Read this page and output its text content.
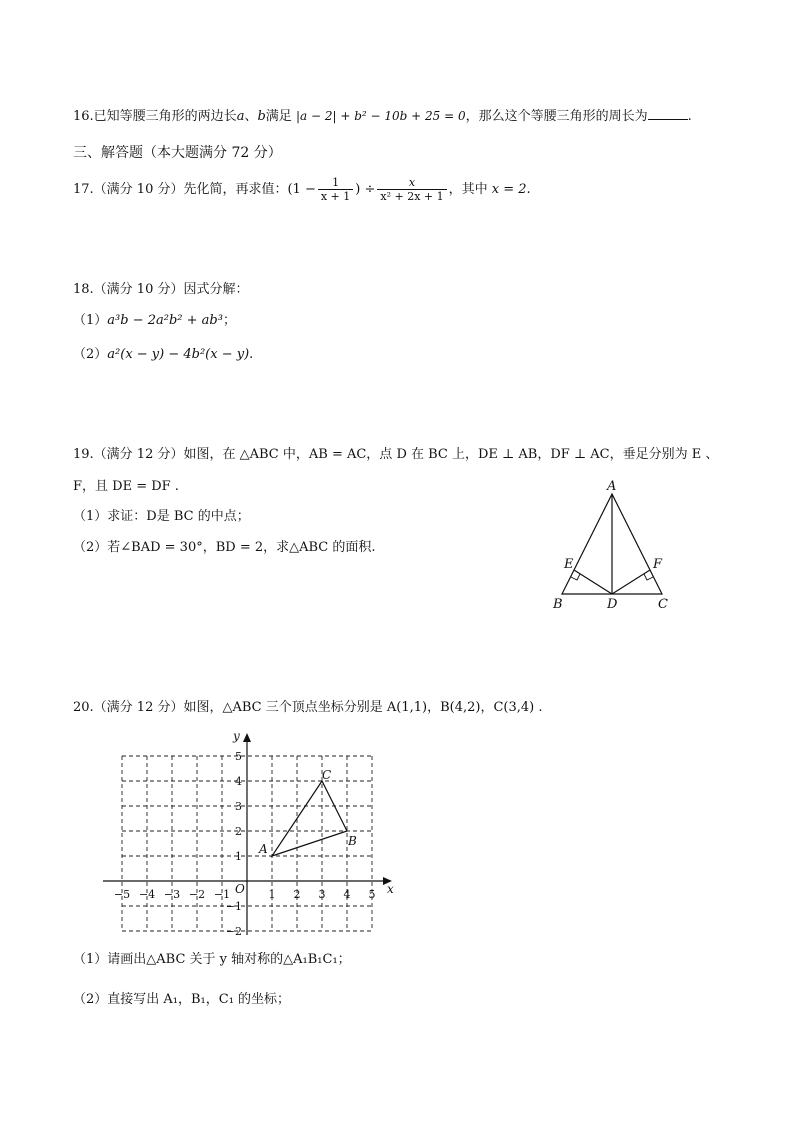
16.已知等腰三角形的两边长a、b满足 |a − 2| + b² − 10b + 25 = 0，那么这个等腰三角形的周长为	.
三、解答题（本大题满分 72 分）
17.（满分 10 分）先化简，再求值：($1 - \frac{1}{x + 1}$ ) ÷ $\frac{x}{\text{x² + 2x + 1}}$ ，其中 x = 2.
18.（满分 10 分）因式分解：
（1）a³b − 2a²b² + ab³；
（2）a²(x − y) − 4b²(x − y).
19.（满分 12 分）如图，在 △ABC 中，AB = AC，点 D 在 BC 上，DE ⊥ AB，DF ⊥ AC，垂足分别为 E 、
F，且 DE = DF .
（1）求证：D是 BC 的中点；
（2）若∠BAD = 30°，BD = 2，求△ABC 的面积.
A
B	C
D
E	F
20.（满分 12 分）如图，△ABC 三个顶点坐标分别是 A(1,1)，B(4,2)，C(3,4) .
x
y
O
A
B
C
−5 −4 −3 −2 −1	1 2 3 4 5
1
2
3
4
5
−1
−2
（1）请画出△ABC 关于 y 轴对称的△A₁B₁C₁；
（2）直接写出 A₁，B₁，C₁ 的坐标；
